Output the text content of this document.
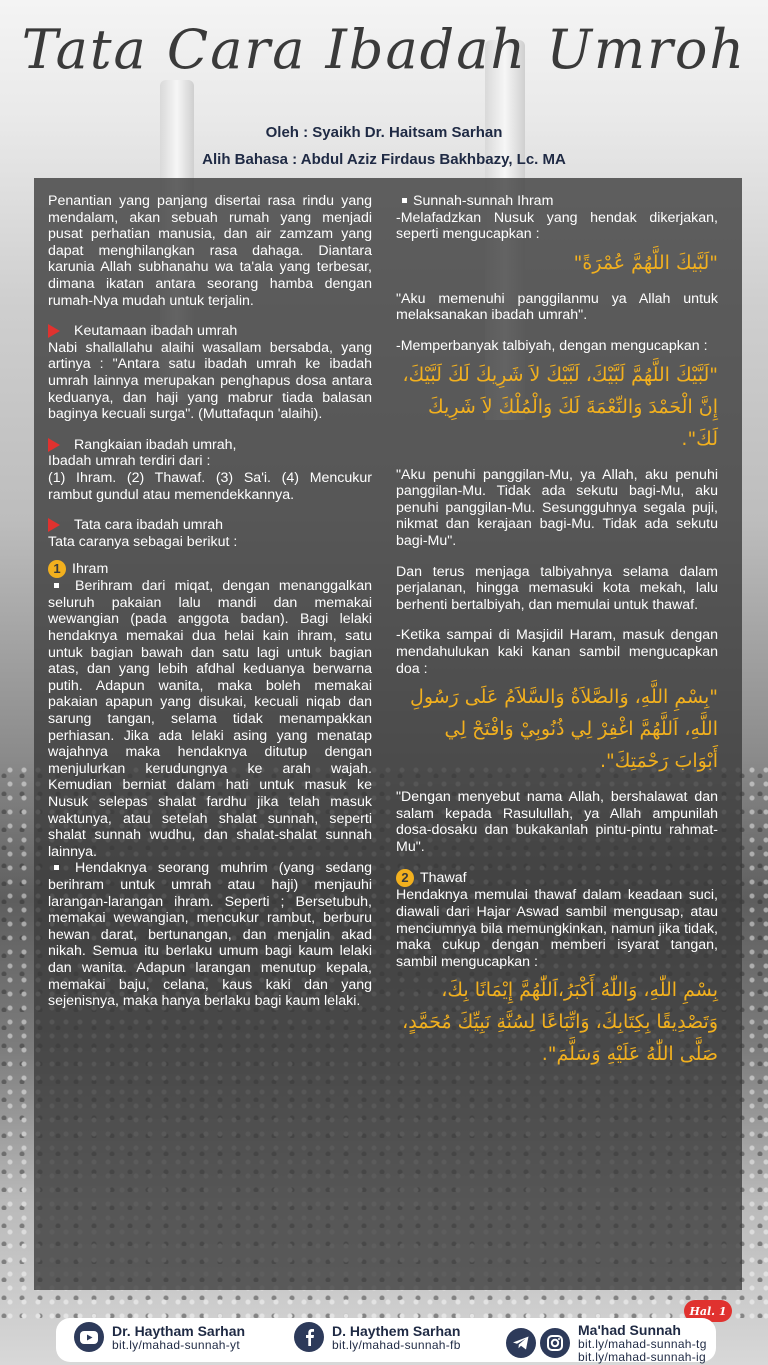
Tata Cara Ibadah Umroh
Oleh : Syaikh Dr. Haitsam Sarhan
Alih Bahasa : Abdul Aziz Firdaus Bakhbazy, Lc. MA

Penantian yang panjang disertai rasa rindu yang mendalam, akan sebuah rumah yang menjadi pusat perhatian manusia, dan air zamzam yang dapat menghilangkan rasa dahaga. Diantara karunia Allah subhanahu wa ta'ala yang terbesar, dimana ikatan antara seorang hamba dengan rumah-Nya mudah untuk terjalin.

Keutamaan ibadah umrah

Nabi shallallahu alaihi wasallam bersabda, yang artinya : "Antara satu ibadah umrah ke ibadah umrah lainnya merupakan penghapus dosa antara keduanya, dan haji yang mabrur tiada balasan baginya kecuali surga". (Muttafaqun 'alaihi).

Rangkaian ibadah umrah,
Ibadah umrah terdiri dari :

(1) Ihram. (2) Thawaf. (3) Sa'i. (4) Mencukur rambut gundul atau memendekkannya.

Tata cara ibadah umrah

Tata caranya sebagai berikut :

1 Ihram

Berihram dari miqat, dengan menanggalkan seluruh pakaian lalu mandi dan memakai wewangian (pada anggota badan). Bagi lelaki hendaknya memakai dua helai kain ihram, satu untuk bagian bawah dan satu lagi untuk bagian atas, dan yang lebih afdhal keduanya berwarna putih. Adapun wanita, maka boleh memakai pakaian apapun yang disukai, kecuali niqab dan sarung tangan, selama tidak menampakkan perhiasan. Jika ada lelaki asing yang menatap wajahnya maka hendaknya ditutup dengan menjulurkan kerudungnya ke arah wajah. Kemudian berniat dalam hati untuk masuk ke Nusuk selepas shalat fardhu jika telah masuk waktunya, atau setelah shalat sunnah, seperti shalat sunnah wudhu, dan shalat-shalat sunnah lainnya.

Hendaknya seorang muhrim (yang sedang berihram untuk umrah atau haji) menjauhi larangan-larangan ihram. Seperti ; Bersetubuh, memakai wewangian, mencukur rambut, berburu hewan darat, bertunangan, dan menjalin akad nikah. Semua itu berlaku umum bagi kaum lelaki dan wanita. Adapun larangan menutup kepala, memakai baju, celana, kaus kaki dan yang sejenisnya, maka hanya berlaku bagi kaum lelaki.

Sunnah-sunnah Ihram

-Melafadzkan Nusuk yang hendak dikerjakan, seperti mengucapkan :

"لَبَّيكَ اللَّهُمَّ عُمْرَةً"

"Aku memenuhi panggilanmu ya Allah untuk melaksanakan ibadah umrah".

-Memperbanyak talbiyah, dengan mengucapkan :

"لَبَّيْكَ اللَّهُمَّ لَبَّيْكَ، لَبَّيْكَ لاَ شَرِيكَ لَكَ لَبَّيْكَ، إِنَّ الْحَمْدَ وَالنِّعْمَةَ لَكَ وَالْمُلْكَ لاَ شَرِيكَ لَكَ".

"Aku penuhi panggilan-Mu, ya Allah, aku penuhi panggilan-Mu. Tidak ada sekutu bagi-Mu, aku penuhi panggilan-Mu. Sesungguhnya segala puji, nikmat dan kerajaan bagi-Mu. Tidak ada sekutu bagi-Mu".

Dan terus menjaga talbiyahnya selama dalam perjalanan, hingga memasuki kota mekah, lalu berhenti bertalbiyah, dan memulai untuk thawaf.

-Ketika sampai di Masjidil Haram, masuk dengan mendahulukan kaki kanan sambil mengucapkan doa :

"بِسْمِ اللَّهِ، وَالصَّلاَةُ وَالسَّلاَمُ عَلَى رَسُولِ اللَّهِ، اَللَّهُمَّ اغْفِرْ لِي ذُنُوبِيْ وَافْتَحْ لِي أَبْوَابَ رَحْمَتِكَ".

"Dengan menyebut nama Allah, bershalawat dan salam kepada Rasulullah, ya Allah ampunilah dosa-dosaku dan bukakanlah pintu-pintu rahmat-Mu".

2 Thawaf

Hendaknya memulai thawaf dalam keadaan suci, diawali dari Hajar Aswad sambil mengusap, atau menciumnya bila memungkinkan, namun jika tidak, maka cukup dengan memberi isyarat tangan, sambil mengucapkan :

بِسْمِ اللّٰهِ، وَاللّٰهُ أَكْبَرُ،اَللّٰهُمَّ إِيْمَانًا بِكَ، وَتَصْدِيقًا بِكِتَابِكَ، وَاتِّبَاعًا لِسُنَّةِ نَبِيِّكَ مُحَمَّدٍ، صَلَّى اللّٰهُ عَلَيْهِ وَسَلَّمَ".
Hal. 1
Dr. Haytham Sarhan
bit.ly/mahad-sunnah-yt
D. Haythem Sarhan
bit.ly/mahad-sunnah-fb
Ma'had Sunnah
bit.ly/mahad-sunnah-tg
bit.ly/mahad-sunnah-ig
